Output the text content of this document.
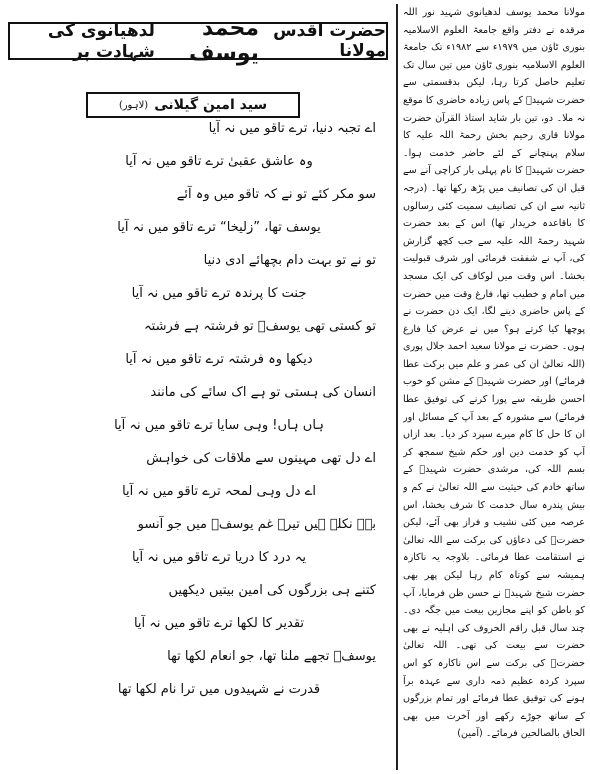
حضرت اقدس مولانا
محمد یوسف
لدھیانوی کی شہادت پر
سید امین گیلانی
(لاہور)
اے تجبہ دنیا، ترے تاقو میں نہ آیا
وہ عاشق عقبیٰ ترے تاقو میں نہ آیا
سو مکر کئے تو نے کہ تاقو میں وہ آئے
یوسف تھا، ”زلیخا“ ترے تاقو میں نہ آیا
تو نے تو بہت دام بچھائے ادی دنیا
جنت کا پرندہ ترے تاقو میں نہ آیا
تو کستی تھی یوسفؑ تو فرشتہ ہے فرشتہ
دیکھا وہ فرشتہ ترے تاقو میں نہ آیا
انسان کی ہستی تو ہے اک سائے کی مانند
ہاں ہاں! وہی سایا ترے تاقو میں نہ آیا
اے دل تھی مہینوں سے ملاقات کی خواہش
اے دل وہی لمحہ ترے تاقو میں نہ آیا
بہہ نکلے ہیں تیرے غم یوسفؑ میں جو آنسو
یہ درد کا دریا ترے تاقو میں نہ آیا
کتنے ہی بزرگوں کی امین بیتیں دیکھیں
تقدیر کا لکھا ترے تاقو میں نہ آیا
یوسفؑ تجھے ملنا تھا، جو انعام لکھا تھا
قدرت نے شہیدوں میں ترا نام لکھا تھا

مولانا محمد یوسف لدھیانوی شہید نور اللہ مرقدہ نے دفتر واقع جامعۃ العلوم الاسلامیہ بنوری ٹاؤن میں ۱۹۷۹ء سے ۱۹۸۲ء تک جامعۃ العلوم الاسلامیہ بنوری ٹاؤن میں تین سال تک تعلیم حاصل کرتا رہا، لیکن بدقسمتی سے حضرت شہیدؒ کے پاس زیادہ حاضری کا موقع نہ ملا۔ دو، تین بار شاید استاذ القرآن حضرت مولانا قاری رحیم بخش رحمۃ اللہ علیہ کا سلام پہنچانے کے لئے حاضر خدمت ہوا۔ حضرت شہیدؒ کا نام پہلی بار کراچی آنے سے قبل ان کی تصانیف میں پڑھ رکھا تھا۔ (درجہ ثانیہ سے ان کی تصانیف سمیت کئی رسالوں کا باقاعدہ خریدار تھا) اس کے بعد حضرت شہید رحمۃ اللہ علیہ سے جب کچھ گزارش کی، آپ نے شفقت فرمائی اور شرف قبولیت بخشا۔ اس وقت میں لوکاف کی ایک مسجد میں امام و خطیب تھا، فارغ وقت میں حضرت کے پاس حاضری دینے لگا، ایک دن حضرت نے پوچھا کیا کرتے ہو؟ میں نے عرض کیا فارغ ہوں۔ حضرت نے مولانا سعید احمد جلال پوری (اللہ تعالیٰ ان کی عمر و علم میں برکت عطا فرمائے) اور حضرت شہیدؒ کے مشن کو خوب احسن طریقہ سے پورا کرنے کی توفیق عطا فرمائے) سے مشورہ کے بعد آپ کے مسائل اور ان کا حل کا کام میرے سپرد کر دیا۔ بعد ازاں آپ کو خدمت دین اور حکم شیخ سمجھ کر بسم اللہ کی، مرشدی حضرت شہیدؒ کے ساتھ خادم کی حیثیت سے اللہ تعالیٰ نے کم و بیش پندرہ سال خدمت کا شرف بخشا، اس عرصہ میں کئی نشیب و فراز بھی آئے، لیکن حضرتؒ کی دعاؤں کی برکت سے اللہ تعالیٰ نے استقامت عطا فرمائی۔ بلاوجہ یہ ناکارہ ہمیشہ سے کوتاہ کام رہا لیکن پھر بھی حضرت شیخ شہیدؒ نے حسن ظن فرمایا، آپ کو باطن کو اپنے مجازین بیعت میں جگہ دی۔ چند سال قبل راقم الحروف کی اہلیہ نے بھی حضرت سے بیعت کی تھی۔ اللہ تعالیٰ حضرتؒ کی برکت سے اس ناکارہ کو اس سپرد کردہ عظیم ذمہ داری سے عہدہ برآ ہونے کی توفیق عطا فرمائے اور تمام بزرگوں کے ساتھ جوڑے رکھے اور آخرت میں بھی الحاق بالصالحین فرمائے۔ (آمین)
